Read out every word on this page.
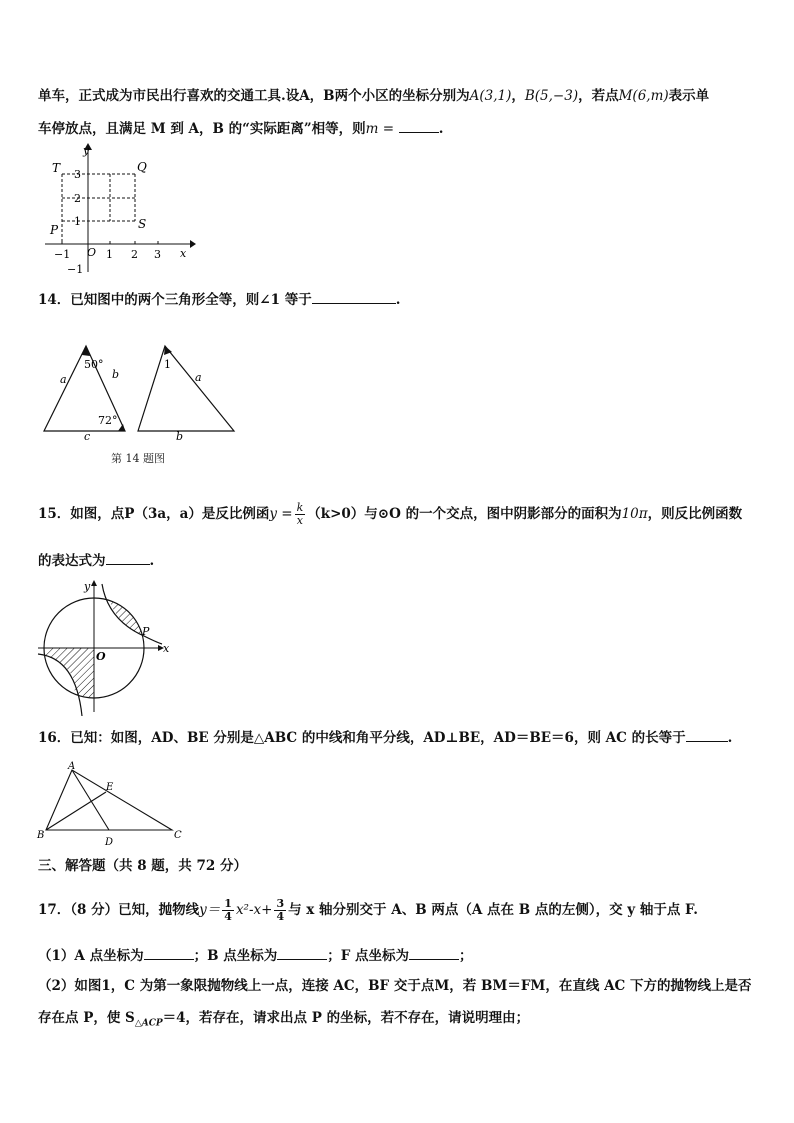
单车，正式成为市民出行喜欢的交通工具.设A，B两个小区的坐标分别为A(3,1)，B(5,−3)，若点M(6,m)表示单
车停放点，且满足 M 到 A，B 的“实际距离”相等，则m =	.
y
x
O
T	Q
P	S
3
2
1
−1
−1	1 2 3
14．已知图中的两个三角形全等，则∠1 等于	.
50°
72°
a	b
c
1
a
b
第 14 题图
15．如图，点P（3a，a）是反比例函$y = \frac{k}{x} (k>0)$与⊙O 的一个交点，图中阴影部分的面积为10π，则反比例函数
的表达式为	.
y
x
O
P
16．已知：如图，AD、BE 分别是△ABC 的中线和角平分线，AD⊥BE，AD＝BE＝6，则 AC 的长等于	.
A
B	C
D
E
三、解答题（共 8 题，共 72 分）
17．（8 分）已知，抛物线$y= \frac{1}{4} x^2-x+ \frac{3}{4}$ 与 x 轴分别交于 A、B 两点（A 点在 B 点的左侧），交 y 轴于点 F.
（1）A 点坐标为	；B 点坐标为	；F 点坐标为	；
（2）如图1，C 为第一象限抛物线上一点，连接 AC，BF 交于点M，若 BM＝FM，在直线 AC 下方的抛物线上是否
存在点 P，使 $S_{\triangle ACP}=4$，若存在，请求出点 P 的坐标，若不存在，请说明理由；
